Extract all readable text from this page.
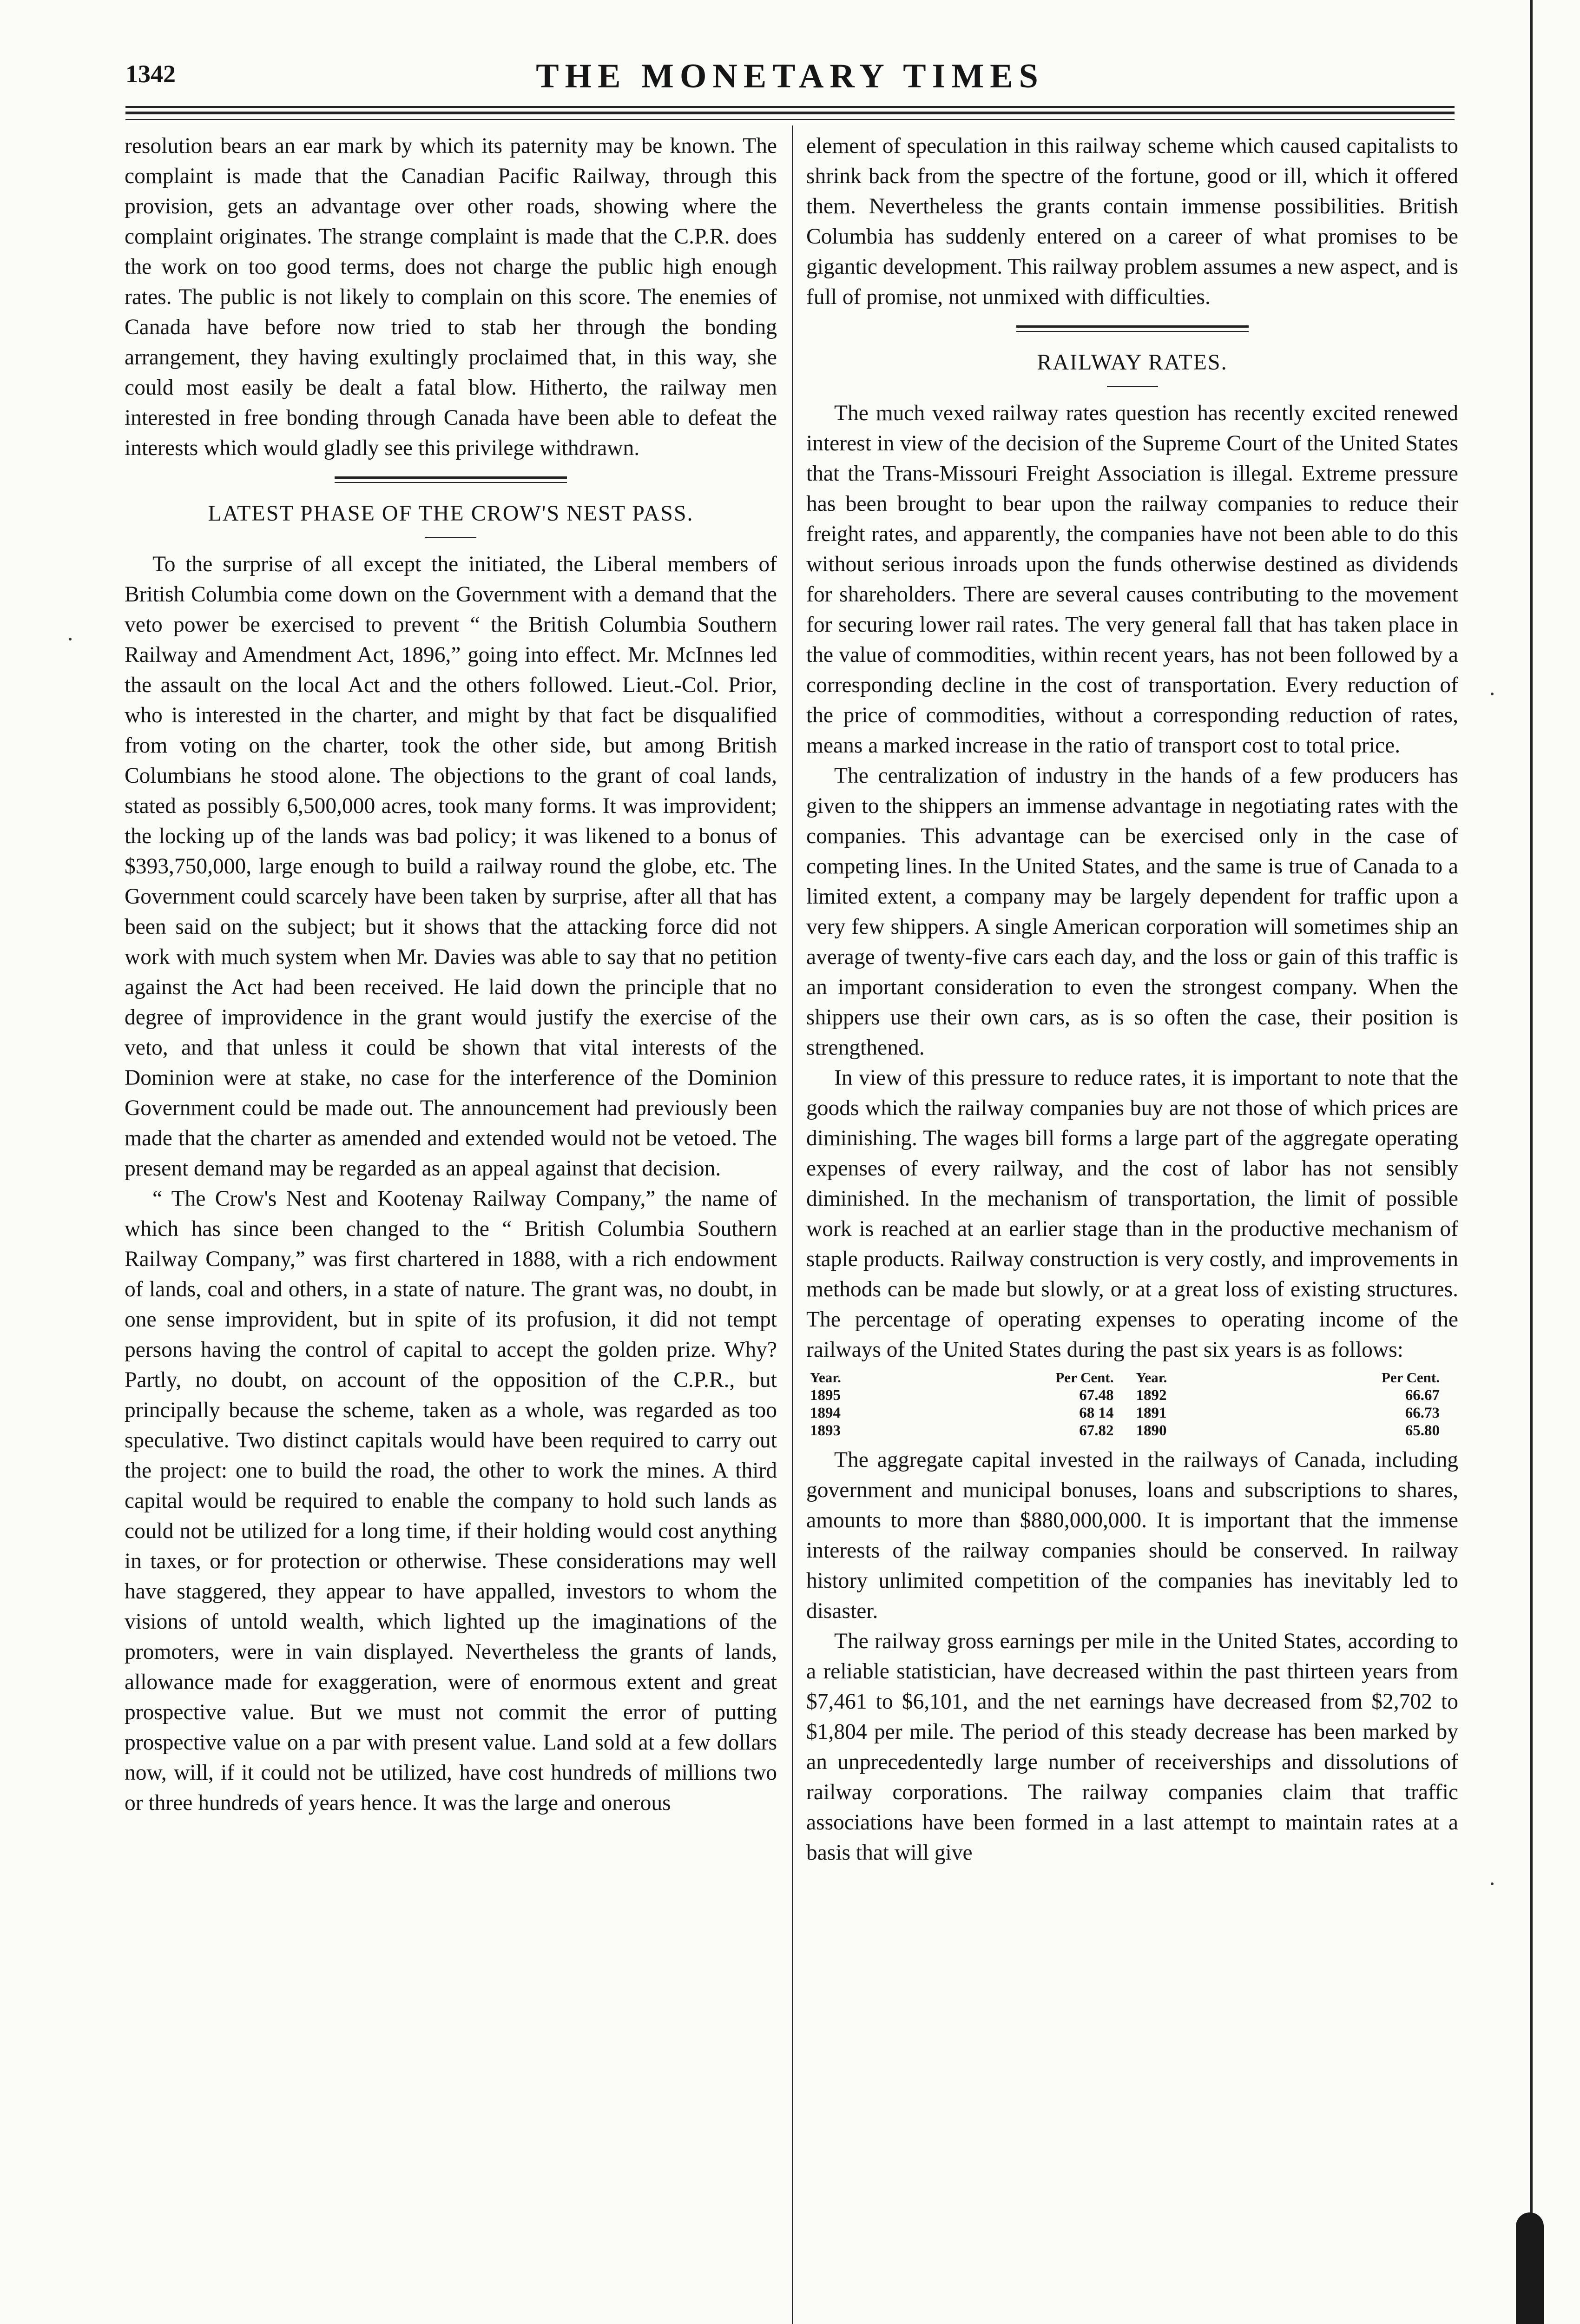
1342	THE MONETARY TIMES

resolution bears an ear mark by which its paternity may be known. The complaint is made that the Canadian Pacific Railway, through this provision, gets an advantage over other roads, showing where the complaint originates. The strange complaint is made that the C.P.R. does the work on too good terms, does not charge the public high enough rates. The public is not likely to complain on this score. The enemies of Canada have before now tried to stab her through the bonding arrangement, they having exultingly proclaimed that, in this way, she could most easily be dealt a fatal blow. Hitherto, the railway men interested in free bonding through Canada have been able to defeat the interests which would gladly see this privilege withdrawn.

LATEST PHASE OF THE CROW'S NEST PASS.

To the surprise of all except the initiated, the Liberal members of British Columbia come down on the Government with a demand that the veto power be exercised to prevent “ the British Columbia Southern Railway and Amendment Act, 1896,” going into effect. Mr. McInnes led the assault on the local Act and the others followed. Lieut.-Col. Prior, who is interested in the charter, and might by that fact be disqualified from voting on the charter, took the other side, but among British Columbians he stood alone. The objections to the grant of coal lands, stated as possibly 6,500,000 acres, took many forms. It was improvident; the locking up of the lands was bad policy; it was likened to a bonus of $393,750,000, large enough to build a railway round the globe, etc. The Government could scarcely have been taken by surprise, after all that has been said on the subject; but it shows that the attacking force did not work with much system when Mr. Davies was able to say that no petition against the Act had been received. He laid down the principle that no degree of improvidence in the grant would justify the exercise of the veto, and that unless it could be shown that vital interests of the Dominion were at stake, no case for the interference of the Dominion Government could be made out. The announcement had previously been made that the charter as amended and extended would not be vetoed. The present demand may be regarded as an appeal against that decision.

“ The Crow's Nest and Kootenay Railway Company,” the name of which has since been changed to the “ British Columbia Southern Railway Company,” was first chartered in 1888, with a rich endowment of lands, coal and others, in a state of nature. The grant was, no doubt, in one sense improvident, but in spite of its profusion, it did not tempt persons having the control of capital to accept the golden prize. Why? Partly, no doubt, on account of the opposition of the C.P.R., but principally because the scheme, taken as a whole, was regarded as too speculative. Two distinct capitals would have been required to carry out the project: one to build the road, the other to work the mines. A third capital would be required to enable the company to hold such lands as could not be utilized for a long time, if their holding would cost anything in taxes, or for protection or otherwise. These considerations may well have staggered, they appear to have appalled, investors to whom the visions of untold wealth, which lighted up the imaginations of the promoters, were in vain displayed. Nevertheless the grants of lands, allowance made for exaggeration, were of enormous extent and great prospective value. But we must not commit the error of putting prospective value on a par with present value. Land sold at a few dollars now, will, if it could not be utilized, have cost hundreds of millions two or three hundreds of years hence. It was the large and onerous

element of speculation in this railway scheme which caused capitalists to shrink back from the spectre of the fortune, good or ill, which it offered them. Nevertheless the grants contain immense possibilities. British Columbia has suddenly entered on a career of what promises to be gigantic development. This railway problem assumes a new aspect, and is full of promise, not unmixed with difficulties.

RAILWAY RATES.

The much vexed railway rates question has recently excited renewed interest in view of the decision of the Supreme Court of the United States that the Trans-Missouri Freight Association is illegal. Extreme pressure has been brought to bear upon the railway companies to reduce their freight rates, and apparently, the companies have not been able to do this without serious inroads upon the funds otherwise destined as dividends for shareholders. There are several causes contributing to the movement for securing lower rail rates. The very general fall that has taken place in the value of commodities, within recent years, has not been followed by a corresponding decline in the cost of transportation. Every reduction of the price of commodities, without a corresponding reduction of rates, means a marked increase in the ratio of transport cost to total price.

The centralization of industry in the hands of a few producers has given to the shippers an immense advantage in negotiating rates with the companies. This advantage can be exercised only in the case of competing lines. In the United States, and the same is true of Canada to a limited extent, a company may be largely dependent for traffic upon a very few shippers. A single American corporation will sometimes ship an average of twenty-five cars each day, and the loss or gain of this traffic is an important consideration to even the strongest company. When the shippers use their own cars, as is so often the case, their position is strengthened.

In view of this pressure to reduce rates, it is important to note that the goods which the railway companies buy are not those of which prices are diminishing. The wages bill forms a large part of the aggregate operating expenses of every railway, and the cost of labor has not sensibly diminished. In the mechanism of transportation, the limit of possible work is reached at an earlier stage than in the productive mechanism of staple products. Railway construction is very costly, and improvements in methods can be made but slowly, or at a great loss of existing structures. The percentage of operating expenses to operating income of the railways of the United States during the past six years is as follows:

Year.	Per Cent.	Year.	Per Cent.
1895	67.48	1892	66.67
1894	68 14	1891	66.73
1893	67.82	1890	65.80

The aggregate capital invested in the railways of Canada, including government and municipal bonuses, loans and subscriptions to shares, amounts to more than $880,000,000. It is important that the immense interests of the railway companies should be conserved. In railway history unlimited competition of the companies has inevitably led to disaster.

The railway gross earnings per mile in the United States, according to a reliable statistician, have decreased within the past thirteen years from $7,461 to $6,101, and the net earnings have decreased from $2,702 to $1,804 per mile. The period of this steady decrease has been marked by an unprecedentedly large number of receiverships and dissolutions of railway corporations. The railway companies claim that traffic associations have been formed in a last attempt to maintain rates at a basis that will give
